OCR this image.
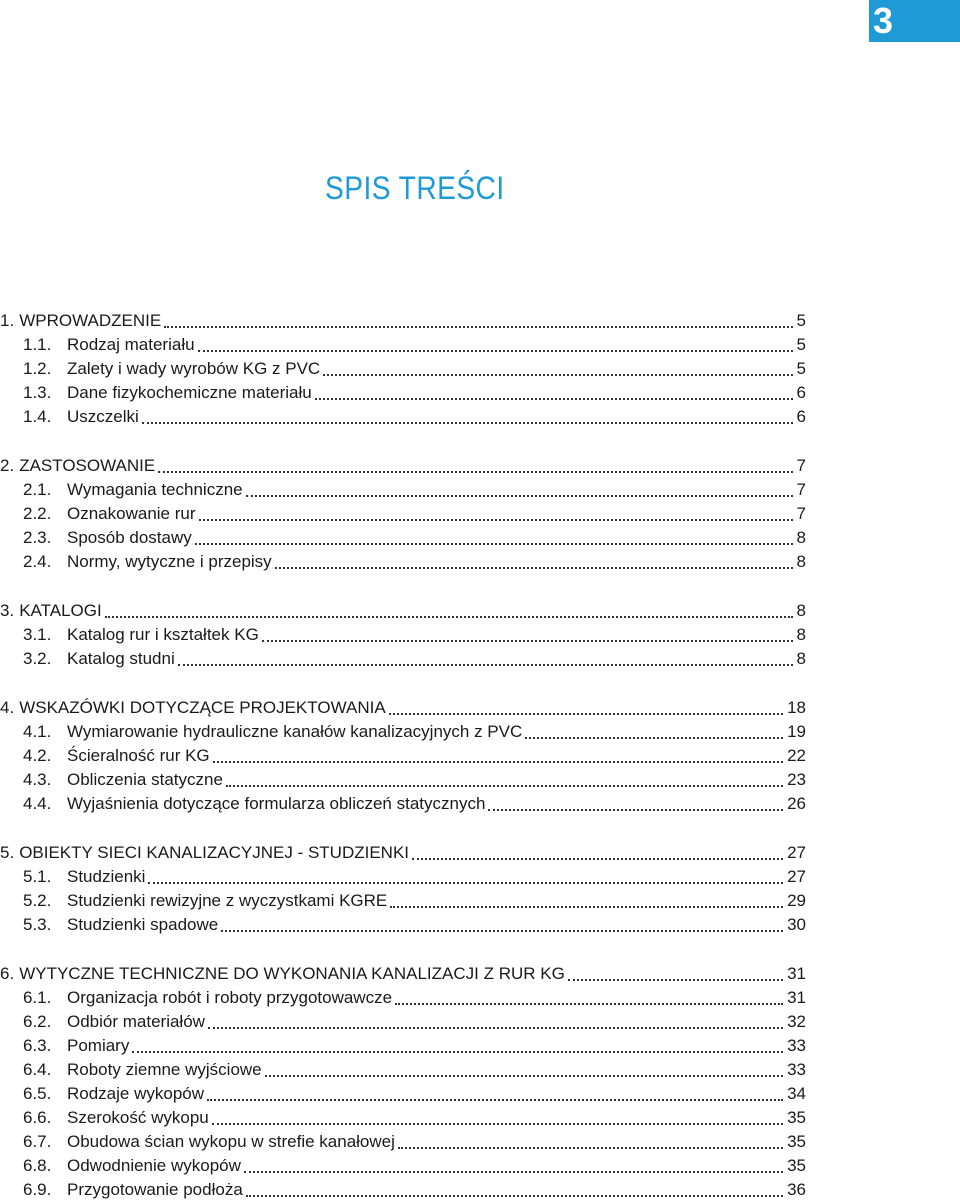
3
SPIS TREŚCI
1. WPROWADZENIE	5
1.1. Rodzaj materiału	5
1.2. Zalety i wady wyrobów KG z PVC	5
1.3. Dane fizykochemiczne materiału	6
1.4. Uszczelki	6
2. ZASTOSOWANIE	7
2.1. Wymagania techniczne	7
2.2. Oznakowanie rur	7
2.3. Sposób dostawy	8
2.4. Normy, wytyczne i przepisy	8
3. KATALOGI	8
3.1. Katalog rur i kształtek KG	8
3.2. Katalog studni	8
4. WSKAZÓWKI DOTYCZĄCE PROJEKTOWANIA	18
4.1. Wymiarowanie hydrauliczne kanałów kanalizacyjnych z PVC	19
4.2. Ścieralność rur KG	22
4.3. Obliczenia statyczne	23
4.4. Wyjaśnienia dotyczące formularza obliczeń statycznych	26
5. OBIEKTY SIECI KANALIZACYJNEJ - STUDZIENKI	27
5.1. Studzienki	27
5.2. Studzienki rewizyjne z wyczystkami KGRE	29
5.3. Studzienki spadowe	30
6. WYTYCZNE TECHNICZNE DO WYKONANIA KANALIZACJI Z RUR KG	31
6.1. Organizacja robót i roboty przygotowawcze	31
6.2. Odbiór materiałów	32
6.3. Pomiary	33
6.4. Roboty ziemne wyjściowe	33
6.5. Rodzaje wykopów	34
6.6. Szerokość wykopu	35
6.7. Obudowa ścian wykopu w strefie kanałowej	35
6.8. Odwodnienie wykopów	35
6.9. Przygotowanie podłoża	36
